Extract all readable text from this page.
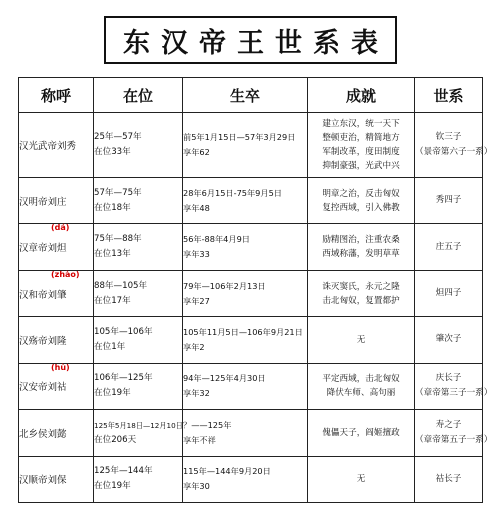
东汉帝王世系表
称呼	在位	生卒	成就	世系
汉光武帝刘秀	25年—57年
在位33年	前5年1月15日—57年3月29日
享年62	建立东汉，统一天下
整顿吏治，精简地方
军制改革，度田制度
抑制豪强，光武中兴	钦三子
（景帝第六子一系）

汉明帝刘庄	57年—75年
在位18年	28年6月15日-75年9月5日
享年48	明章之治，反击匈奴
复控西域，引入佛教	秀四子

(dá)
汉章帝刘炟	75年—88年
在位13年	56年-88年4月9日
享年33	励精图治，注重农桑
西域称藩，发明草草	庄五子

(zhào)
汉和帝刘肇	88年—105年
在位17年	79年—106年2月13日
享年27	诛灭窦氏，永元之隆
击北匈奴，复置都护	炟四子

汉殇帝刘隆	105年—106年
在位1年	105年11月5日—106年9月21日
享年2	无	肇次子

(hù)
汉安帝刘祜	106年—125年
在位19年	94年—125年4月30日
享年32	平定西域，击北匈奴
降伏车师、高句丽	庆长子
（章帝第三子一系）

北乡侯刘懿	125年5月18日—12月10日
在位206天	？——125年
享年不祥	傀儡天子，阎姬擅政	寿之子
（章帝第五子一系）

汉顺帝刘保	125年—144年
在位19年	115年—144年9月20日
享年30	无	祜长子
